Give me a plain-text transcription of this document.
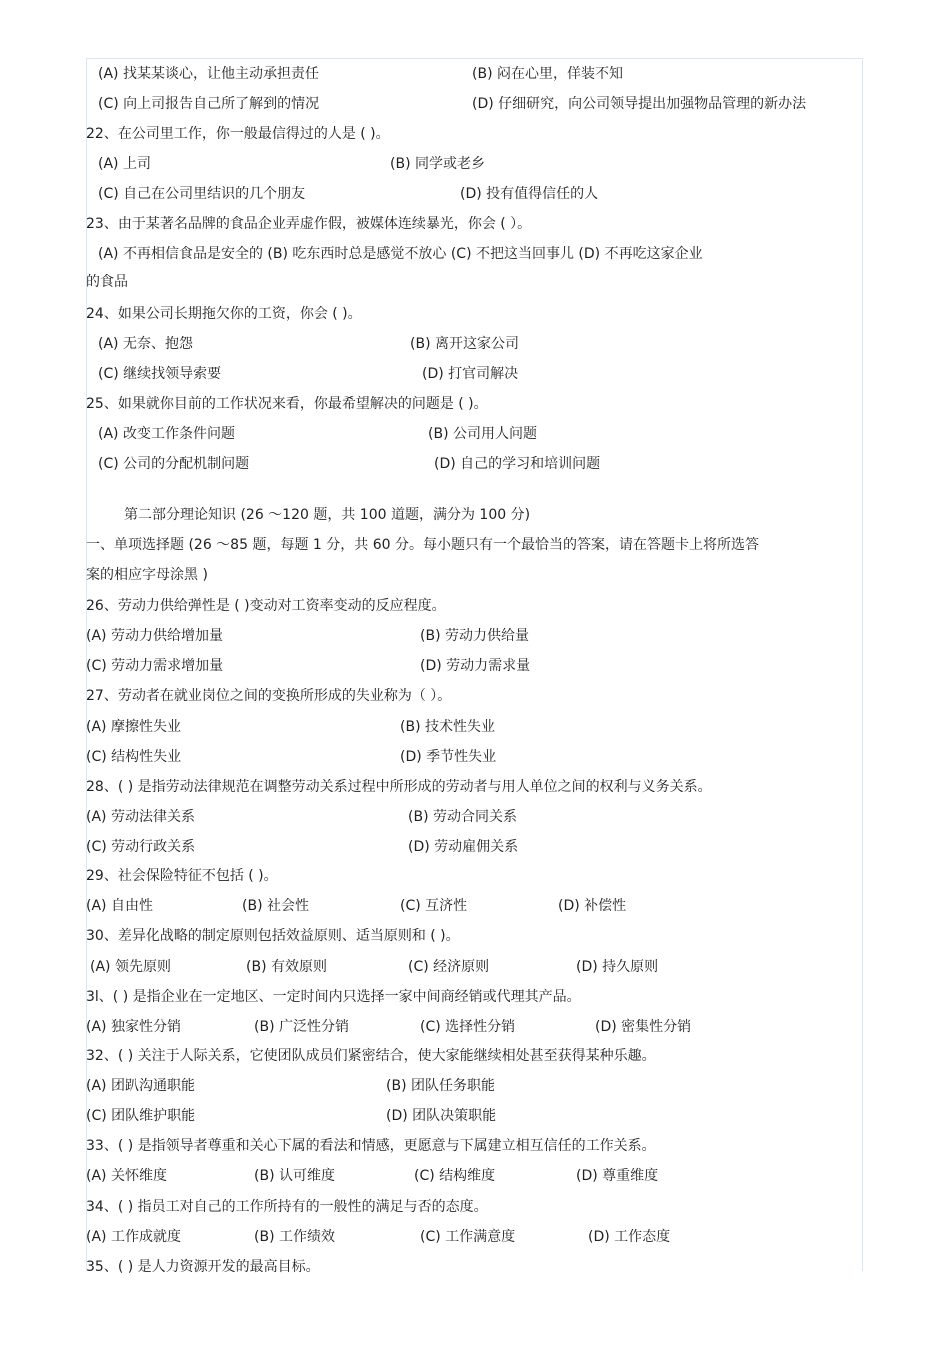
(A) 找某某谈心，让他主动承担责任	(B) 闷在心里，佯装不知
(C) 向上司报告自己所了解到的情况	(D) 仔细研究，向公司领导提出加强物品管理的新办法
22、在公司里工作，你一般最信得过的人是 ( )。
(A) 上司	(B) 同学或老乡
(C) 自己在公司里结识的几个朋友	(D) 投有值得信任的人
23、由于某著名品牌的食品企业弄虚作假，被媒体连续暴光，你会 ( ）。
(A) 不再相信食品是安全的 (B) 吃东西时总是感觉不放心 (C) 不把这当回事儿 (D) 不再吃这家企业
的食品
24、如果公司长期拖欠你的工资，你会 ( )。
(A) 无奈、抱怨	(B) 离开这家公司
(C) 继续找领导索要	(D) 打官司解决
25、如果就你目前的工作状况来看，你最希望解决的问题是 ( )。
(A) 改变工作条件问题	(B) 公司用人问题
(C) 公司的分配机制问题	(D) 自己的学习和培训问题
第二部分理论知识 (26 ～120 题，共 100 道题，满分为 100 分)
一、单项选择题 (26 ～85 题，每题 1 分，共 60 分。每小题只有一个最恰当的答案，请在答题卡上将所选答
案的相应字母涂黑 )
26、劳动力供给弹性是 ( )变动对工资率变动的反应程度。
(A) 劳动力供给增加量	(B) 劳动力供给量
(C) 劳动力需求增加量	(D) 劳动力需求量
27、劳动者在就业岗位之间的变换所形成的失业称为（ ）。
(A) 摩擦性失业	(B) 技术性失业
(C) 结构性失业	(D) 季节性失业
28、( ) 是指劳动法律规范在调整劳动关系过程中所形成的劳动者与用人单位之间的权利与义务关系。
(A) 劳动法律关系	(B) 劳动合同关系
(C) 劳动行政关系	(D) 劳动雇佣关系
29、社会保险特征不包括 ( )。
(A) 自由性	(B) 社会性	(C) 互济性	(D) 补偿性
30、差异化战略的制定原则包括效益原则、适当原则和 ( )。
(A) 领先原则	(B) 有效原则	(C) 经济原则	(D) 持久原则
3l、( ) 是指企业在一定地区、一定时间内只选择一家中间商经销或代理其产品。
(A) 独家性分销	(B) 广泛性分销	(C) 选择性分销	(D) 密集性分销
32、( ) 关注于人际关系，它使团队成员们紧密结合，使大家能继续相处甚至获得某种乐趣。
(A) 团趴沟通职能	(B) 团队任务职能
(C) 团队维护职能	(D) 团队决策职能
33、( ) 是指领导者尊重和关心下属的看法和情感，更愿意与下属建立相互信任的工作关系。
(A) 关怀维度	(B) 认可维度	(C) 结构维度	(D) 尊重维度
34、( ) 指员工对自己的工作所持有的一般性的满足与否的态度。
(A) 工作成就度	(B) 工作绩效	(C) 工作满意度	(D) 工作态度
35、( ) 是人力资源开发的最高目标。
